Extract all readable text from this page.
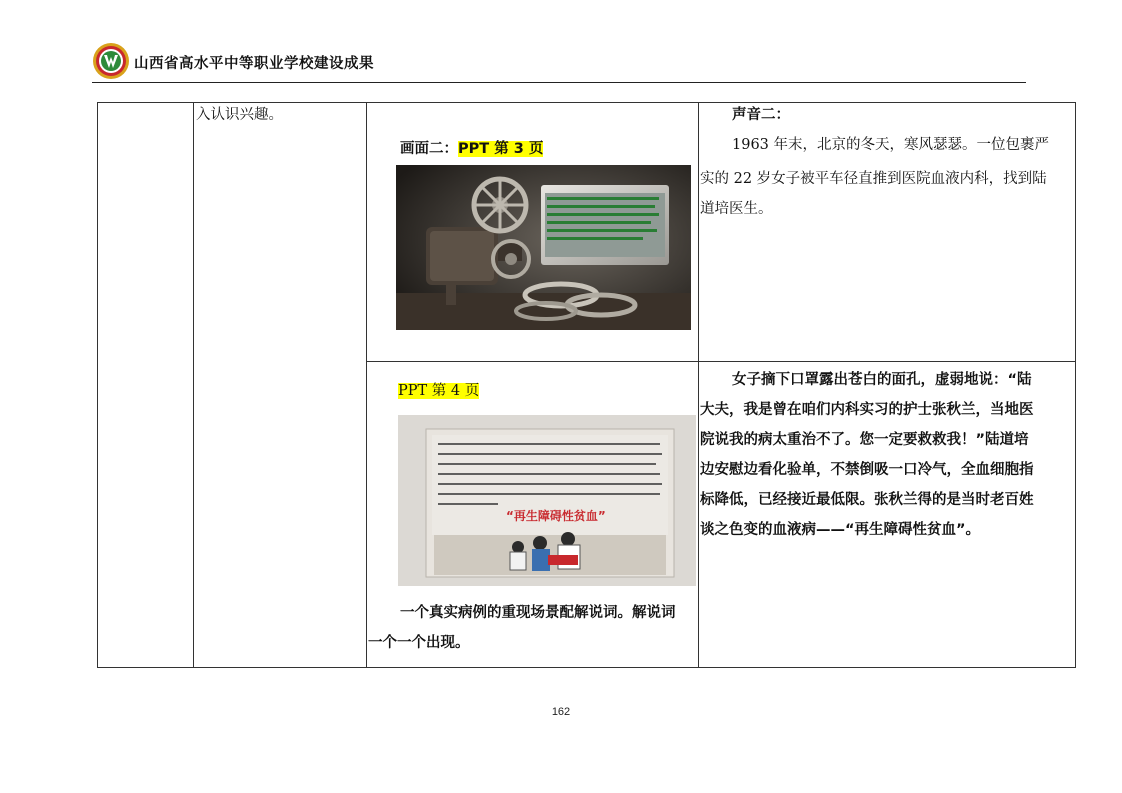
山西省高水平中等职业学校建设成果
入认识兴趣。
画面二：PPT 第 3 页
声音二：
1963 年末，北京的冬天，寒风瑟瑟。一位包裹严
实的 22 岁女子被平车径直推到医院血液内科，找到陆
道培医生。
PPT 第 4 页
“再生障碍性贫血”
一个真实病例的重现场景配解说词。解说词
一个一个出现。
女子摘下口罩露出苍白的面孔，虚弱地说：“陆
大夫，我是曾在咱们内科实习的护士张秋兰，当地医
院说我的病太重治不了。您一定要救救我！”陆道培
边安慰边看化验单，不禁倒吸一口冷气，全血细胞指
标降低，已经接近最低限。张秋兰得的是当时老百姓
谈之色变的血液病——“再生障碍性贫血”。
162
